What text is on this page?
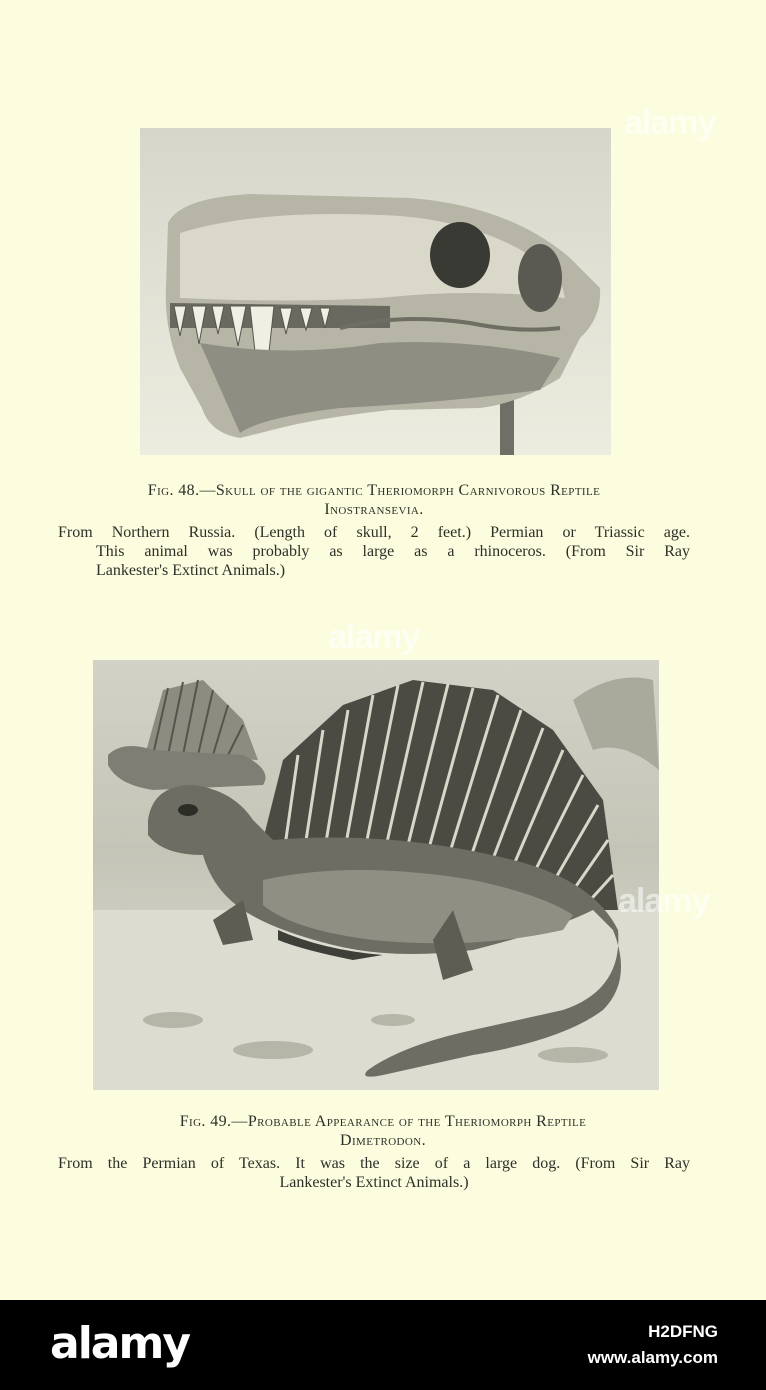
Fig. 48.—Skull of the gigantic Theriomorph Carnivorous Reptile
Inostransevia.
From Northern Russia. (Length of skull, 2 feet.) Permian or Triassic age.
This animal was probably as large as a rhinoceros. (From Sir Ray
Lankester's Extinct Animals.)
Fig. 49.—Probable Appearance of the Theriomorph Reptile
Dimetrodon.
From the Permian of Texas. It was the size of a large dog. (From Sir Ray
Lankester's Extinct Animals.)
alamy
alamy
alamy
alamy	H2DFNG
www.alamy.com
